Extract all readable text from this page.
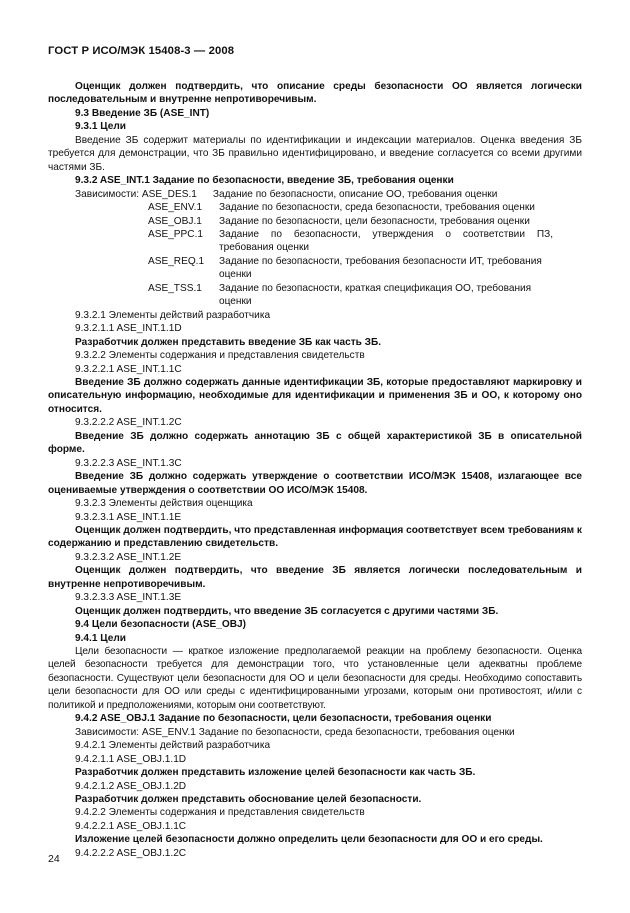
ГОСТ Р ИСО/МЭК 15408-3 — 2008

Оценщик должен подтвердить, что описание среды безопасности ОО является логически последовательным и внутренне непротиворечивым.

9.3 Введение ЗБ (ASE_INT)

9.3.1 Цели

Введение ЗБ содержит материалы по идентификации и индексации материалов. Оценка введения ЗБ требуется для демонстрации, что ЗБ правильно идентифицировано, и введение согласуется со всеми другими частями ЗБ.

9.3.2 ASE_INT.1 Задание по безопасности, введение ЗБ, требования оценки

Зависимости: ASE_DES.1 Задание по безопасности, описание ОО, требования оценки
ASE_ENV.1 Задание по безопасности, среда безопасности, требования оценки
ASE_OBJ.1 Задание по безопасности, цели безопасности, требования оценки
ASE_PPC.1 Задание по безопасности, утверждения о соответствии ПЗ, требования оценки
ASE_REQ.1 Задание по безопасности, требования безопасности ИТ, требования оценки
ASE_TSS.1 Задание по безопасности, краткая спецификация ОО, требования оценки

9.3.2.1 Элементы действий разработчика

9.3.2.1.1 ASE_INT.1.1D

Разработчик должен представить введение ЗБ как часть ЗБ.

9.3.2.2 Элементы содержания и представления свидетельств

9.3.2.2.1 ASE_INT.1.1C

Введение ЗБ должно содержать данные идентификации ЗБ, которые предоставляют маркировку и описательную информацию, необходимые для идентификации и применения ЗБ и ОО, к которому оно относится.

9.3.2.2.2 ASE_INT.1.2C

Введение ЗБ должно содержать аннотацию ЗБ с общей характеристикой ЗБ в описательной форме.

9.3.2.2.3 ASE_INT.1.3C

Введение ЗБ должно содержать утверждение о соответствии ИСО/МЭК 15408, излагающее все оцениваемые утверждения о соответствии ОО ИСО/МЭК 15408.

9.3.2.3 Элементы действия оценщика

9.3.2.3.1 ASE_INT.1.1E

Оценщик должен подтвердить, что представленная информация соответствует всем требованиям к содержанию и представлению свидетельств.

9.3.2.3.2 ASE_INT.1.2E

Оценщик должен подтвердить, что введение ЗБ является логически последовательным и внутренне непротиворечивым.

9.3.2.3.3 ASE_INT.1.3E

Оценщик должен подтвердить, что введение ЗБ согласуется с другими частями ЗБ.

9.4 Цели безопасности (ASE_OBJ)

9.4.1 Цели

Цели безопасности — краткое изложение предполагаемой реакции на проблему безопасности. Оценка целей безопасности требуется для демонстрации того, что установленные цели адекватны проблеме безопасности. Существуют цели безопасности для ОО и цели безопасности для среды. Необходимо сопоставить цели безопасности для ОО или среды с идентифицированными угрозами, которым они противостоят, и/или с политикой и предположениями, которым они соответствуют.

9.4.2 ASE_OBJ.1 Задание по безопасности, цели безопасности, требования оценки

Зависимости: ASE_ENV.1 Задание по безопасности, среда безопасности, требования оценки

9.4.2.1 Элементы действий разработчика

9.4.2.1.1 ASE_OBJ.1.1D

Разработчик должен представить изложение целей безопасности как часть ЗБ.

9.4.2.1.2 ASE_OBJ.1.2D

Разработчик должен представить обоснование целей безопасности.

9.4.2.2 Элементы содержания и представления свидетельств

9.4.2.2.1 ASE_OBJ.1.1C

Изложение целей безопасности должно определить цели безопасности для ОО и его среды.

9.4.2.2.2 ASE_OBJ.1.2C

24
